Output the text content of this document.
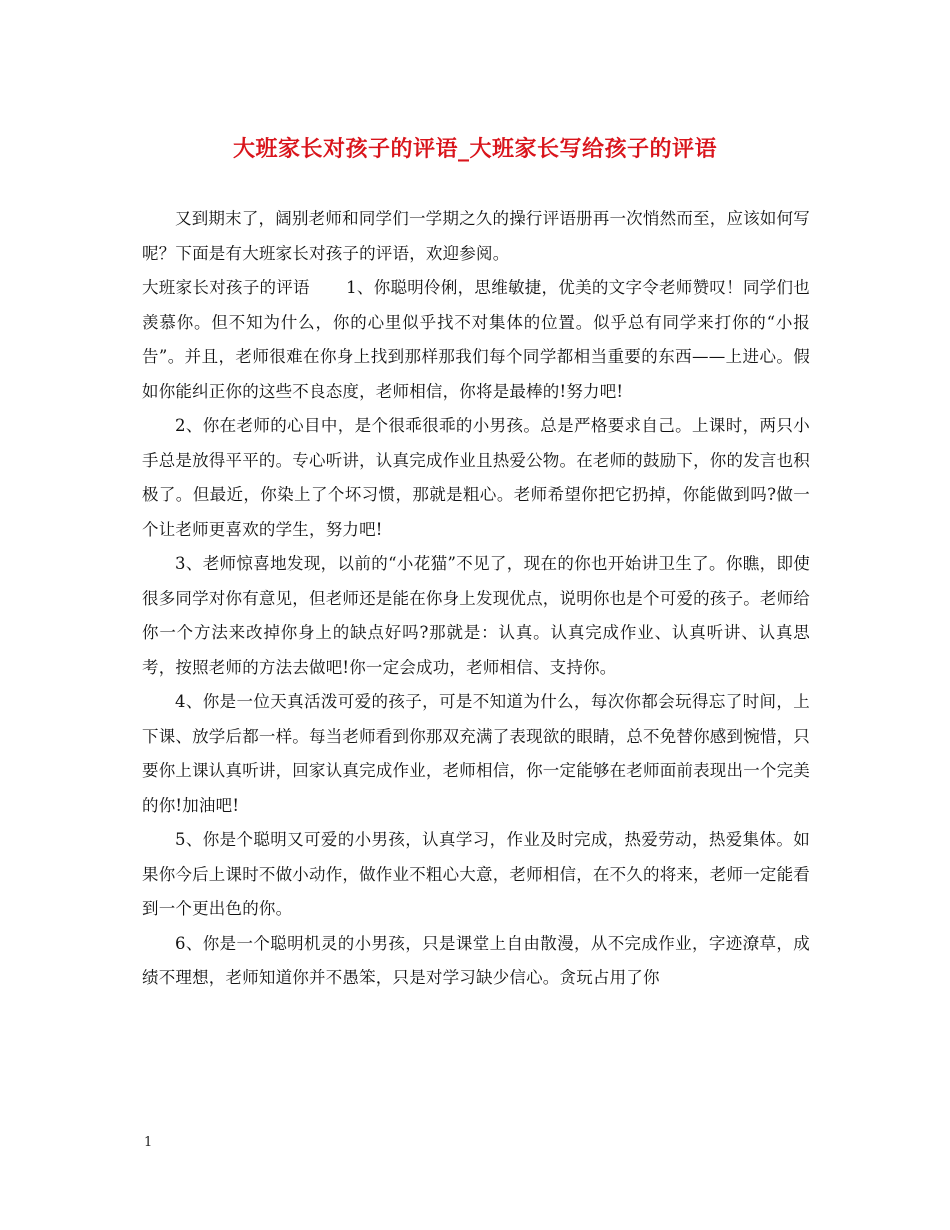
大班家长对孩子的评语_大班家长写给孩子的评语

又到期末了，阔别老师和同学们一学期之久的操行评语册再一次悄然而至，应该如何写呢？下面是有大班家长对孩子的评语，欢迎参阅。

大班家长对孩子的评语 1、你聪明伶俐，思维敏捷，优美的文字令老师赞叹！同学们也羡慕你。但不知为什么，你的心里似乎找不对集体的位置。似乎总有同学来打你的“小报告”。并且，老师很难在你身上找到那样那我们每个同学都相当重要的东西——上进心。假如你能纠正你的这些不良态度，老师相信，你将是最棒的!努力吧!

2、你在老师的心目中，是个很乖很乖的小男孩。总是严格要求自己。上课时，两只小手总是放得平平的。专心听讲，认真完成作业且热爱公物。在老师的鼓励下，你的发言也积极了。但最近，你染上了个坏习惯，那就是粗心。老师希望你把它扔掉，你能做到吗?做一个让老师更喜欢的学生，努力吧!

3、老师惊喜地发现，以前的“小花猫”不见了，现在的你也开始讲卫生了。你瞧，即使很多同学对你有意见，但老师还是能在你身上发现优点，说明你也是个可爱的孩子。老师给你一个方法来改掉你身上的缺点好吗?那就是：认真。认真完成作业、认真听讲、认真思考，按照老师的方法去做吧!你一定会成功，老师相信、支持你。

4、你是一位天真活泼可爱的孩子，可是不知道为什么，每次你都会玩得忘了时间，上下课、放学后都一样。每当老师看到你那双充满了表现欲的眼睛，总不免替你感到惋惜，只要你上课认真听讲，回家认真完成作业，老师相信，你一定能够在老师面前表现出一个完美的你!加油吧!

5、你是个聪明又可爱的小男孩，认真学习，作业及时完成，热爱劳动，热爱集体。如果你今后上课时不做小动作，做作业不粗心大意，老师相信，在不久的将来，老师一定能看到一个更出色的你。

6、你是一个聪明机灵的小男孩，只是课堂上自由散漫，从不完成作业，字迹潦草，成绩不理想，老师知道你并不愚笨，只是对学习缺少信心。贪玩占用了你

1
